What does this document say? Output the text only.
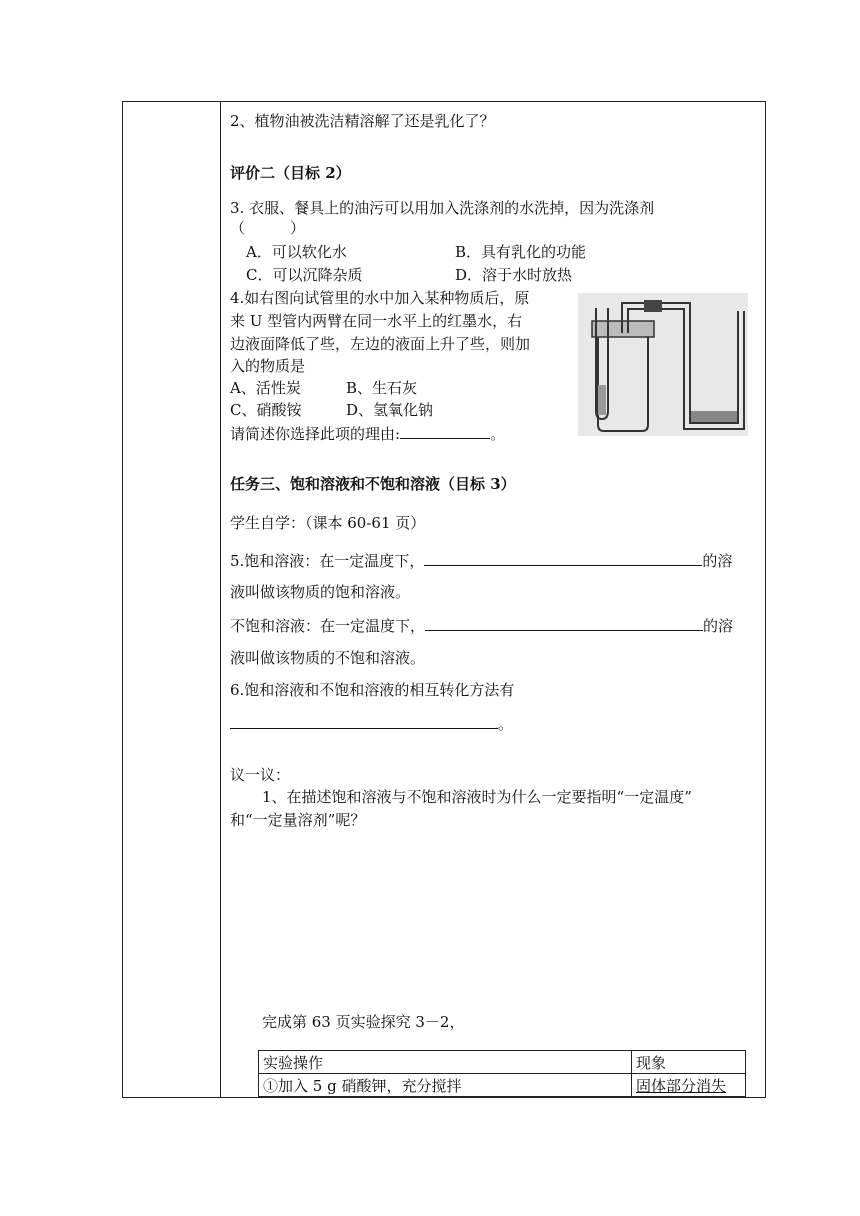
2、植物油被洗洁精溶解了还是乳化了？
评价二（目标 2）
3. 衣服、餐具上的油污可以用加入洗涤剂的水洗掉，因为洗涤剂
（　　　）
A．可以软化水	B．具有乳化的功能
C．可以沉降杂质	D．溶于水时放热
4.如右图向试管里的水中加入某种物质后，原
来 U 型管内两臂在同一水平上的红墨水，右
边液面降低了些，左边的液面上升了些，则加
入的物质是
A、活性炭	B、生石灰
C、硝酸铵	D、氢氧化钠
请简述你选择此项的理由:	。
任务三、饱和溶液和不饱和溶液（目标 3）
学生自学：（课本 60-61 页）
5.饱和溶液：在一定温度下，	的溶
液叫做该物质的饱和溶液。
不饱和溶液：在一定温度下，	的溶
液叫做该物质的不饱和溶液。
6.饱和溶液和不饱和溶液的相互转化方法有
。
议一议：
1、在描述饱和溶液与不饱和溶液时为什么一定要指明“一定温度”
和“一定量溶剂”呢？
完成第 63 页实验探究 3－2，
实验操作	现象
①加入 5 g 硝酸钾，充分搅拌	固体部分消失
